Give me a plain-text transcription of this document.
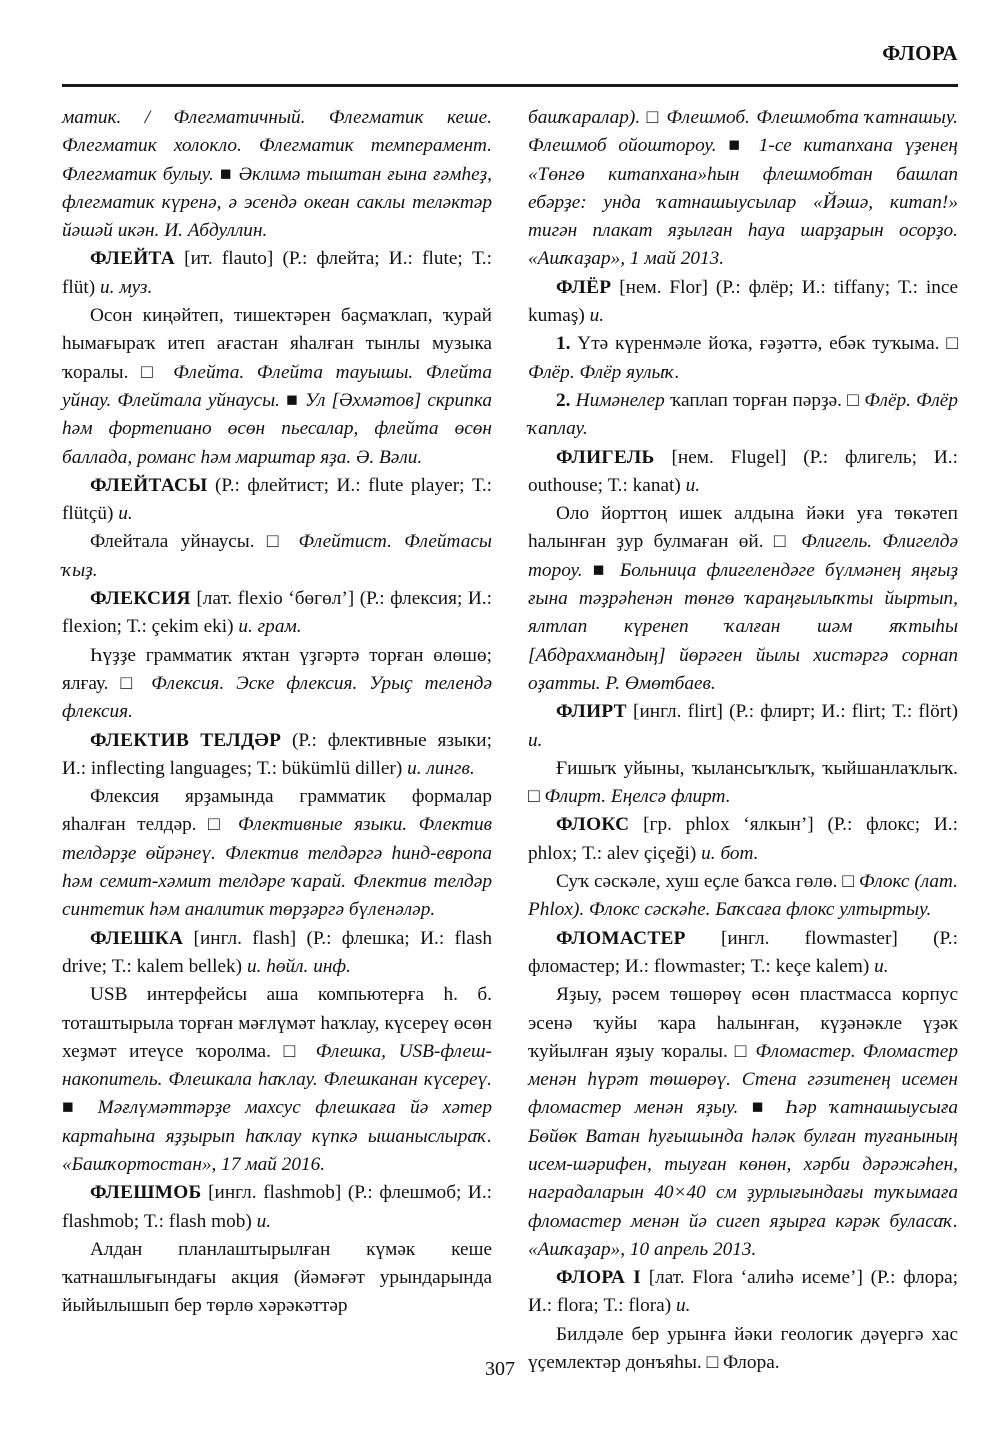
ФЛОРА

матик. / Флегматичный. Флегматик кеше. Флегматик холокло. Флегматик темперамент. Флегматик булыу. ■ Әклимә тыштан ғына ғәмһеҙ, флегматик күренә, ә эсендә океан саклы теләктәр йәшәй икән. И. Абдуллин.

ФЛЕЙТА [ит. flauto] (Р.: флейта; И.: flute; Т.: flüt) и. муз.

Осон киңәйтеп, тишектәрен баҫмаҡлап, ҡурай һымағыраҡ итеп ағастан яһалған тынлы музыка ҡоралы. □ Флейта. Флейта тауышы. Флейта уйнау. Флейтала уйнаусы. ■ Ул [Әхмәтов] скрипка һәм фортепиано өсөн пьесалар, флейта өсөн баллада, романс һәм марштар яҙа. Ә. Вәли.

ФЛЕЙТАСЫ (Р.: флейтист; И.: flute player; Т.: flütçü) и.

Флейтала уйнаусы. □ Флейтист. Флейтасы ҡыҙ.

ФЛЕКСИЯ [лат. flexio ‘бөгөл’] (Р.: флексия; И.: flexion; Т.: çekim eki) и. грам.

Һүҙҙе грамматик яҡтан үҙгәртә торған өлөшө; ялғау. □ Флексия. Эске флексия. Урыҫ телендә флексия.

ФЛЕКТИВ ТЕЛДӘР (Р.: флективные языки; И.: inflecting languages; Т.: bükümlü diller) и. лингв.

Флексия ярҙамында грамматик формалар яһалған телдәр. □ Флективные языки. Флектив телдәрҙе өйрәнеү. Флектив телдәргә һинд-европа һәм семит-хәмит телдәре ҡарай. Флектив телдәр синтетик һәм аналитик төрҙәргә бүленәләр.

ФЛЕШКА [ингл. flash] (Р.: флешка; И.: flash drive; Т.: kalem bellek) и. һөйл. инф.

USB интерфейсы аша компьютерға һ. б. тоташтырыла торған мәғлүмәт һаҡлау, күсереү өсөн хеҙмәт итеүсе ҡоролма. □ Флешка, USB-флеш-накопитель. Флешкала һаҡлау. Флешканан күсереү. ■ Мәғлүмәттәрҙе махсус флешкаға йә хәтер картаһына яҙҙырып һаҡлау күпкә ышаныслыраҡ. «Башҡортостан», 17 май 2016.

ФЛЕШМОБ [ингл. flashmob] (Р.: флешмоб; И.: flashmob; Т.: flash mob) и.

Алдан планлаштырылған күмәк кеше ҡатнашлығындағы акция (йәмәғәт урындарында йыйылышып бер төрлө хәрәкәттәр

башҡаралар). □ Флешмоб. Флешмобта ҡатнашыу. Флешмоб ойоштороу. ■ 1-се китапхана үҙенең «Төнгө китапхана»һын флешмобтан башлап ебәрҙе: унда ҡатнашыусылар «Йәшә, китап!» тигән плакат яҙылған һауа шарҙарын осорҙо. «Ашҡаҙар», 1 май 2013.

ФЛЁР [нем. Flor] (Р.: флёр; И.: tiffany; Т.: ince kumaş) и.

1. Үтә күренмәле йоҡа, ғәҙәттә, ебәк туҡыма. □ Флёр. Флёр яулыҡ.

2. Нимәнелер ҡаплап торған пәрҙә. □ Флёр. Флёр ҡаплау.

ФЛИГЕЛЬ [нем. Flugel] (Р.: флигель; И.: outhouse; Т.: kanat) и.

Оло йорттоң ишек алдына йәки уға төкәтеп һалынған ҙур булмаған өй. □ Флигель. Флигелдә тороу. ■ Больница флигелендәге бүлмәнең яңғыҙ ғына тәҙрәһенән төнгө ҡараңғылыҡты йыртып, ялтлап күренеп ҡалған шәм яҡтыһы [Абдрахмандың] йөрәген йылы хистәргә сорнап оҙатты. Р. Өмөтбаев.

ФЛИРТ [ингл. flirt] (Р.: флирт; И.: flirt; Т.: flört) и.

Ғишыҡ уйыны, ҡылансыҡлыҡ, ҡыйшанлаҡлыҡ. □ Флирт. Еңелсә флирт.

ФЛОКС [гр. phlox ‘ялкын’] (Р.: флокс; И.: phlox; Т.: alev çiçeği) и. бот.

Суҡ сәскәле, хуш еҫле баҡса гөлө. □ Флокс (лат. Phlox). Флокс сәскәһе. Баҡсаға флокс ултыртыу.

ФЛОМАСТЕР [ингл. flowmaster] (Р.: фломастер; И.: flowmaster; Т.: keçe kalem) и.

Яҙыу, рәсем төшөрөү өсөн пластмасса корпус эсенә ҡуйы ҡара һалынған, күҙәнәкле үҙәк ҡуйылған яҙыу ҡоралы. □ Фломастер. Фломастер менән һүрәт төшөрөү. Стена гәзитенең исемен фломастер менән яҙыу. ■ Һәр ҡатнашыусыға Бөйөк Ватан һуғышында һәләк булған туғанының исем-шәрифен, тыуған көнөн, хәрби дәрәжәһен, наградаларын 40×40 см ҙурлығындағы туҡымаға фломастер менән йә сигеп яҙырға кәрәк буласаҡ. «Ашҡаҙар», 10 апрель 2013.

ФЛОРА I [лат. Flora ‘алиһә исеме’] (Р.: флора; И.: flora; Т.: flora) и.

Билдәле бер урынға йәки геологик дәүергә хас үҫемлектәр донъяһы. □ Флора.

307
